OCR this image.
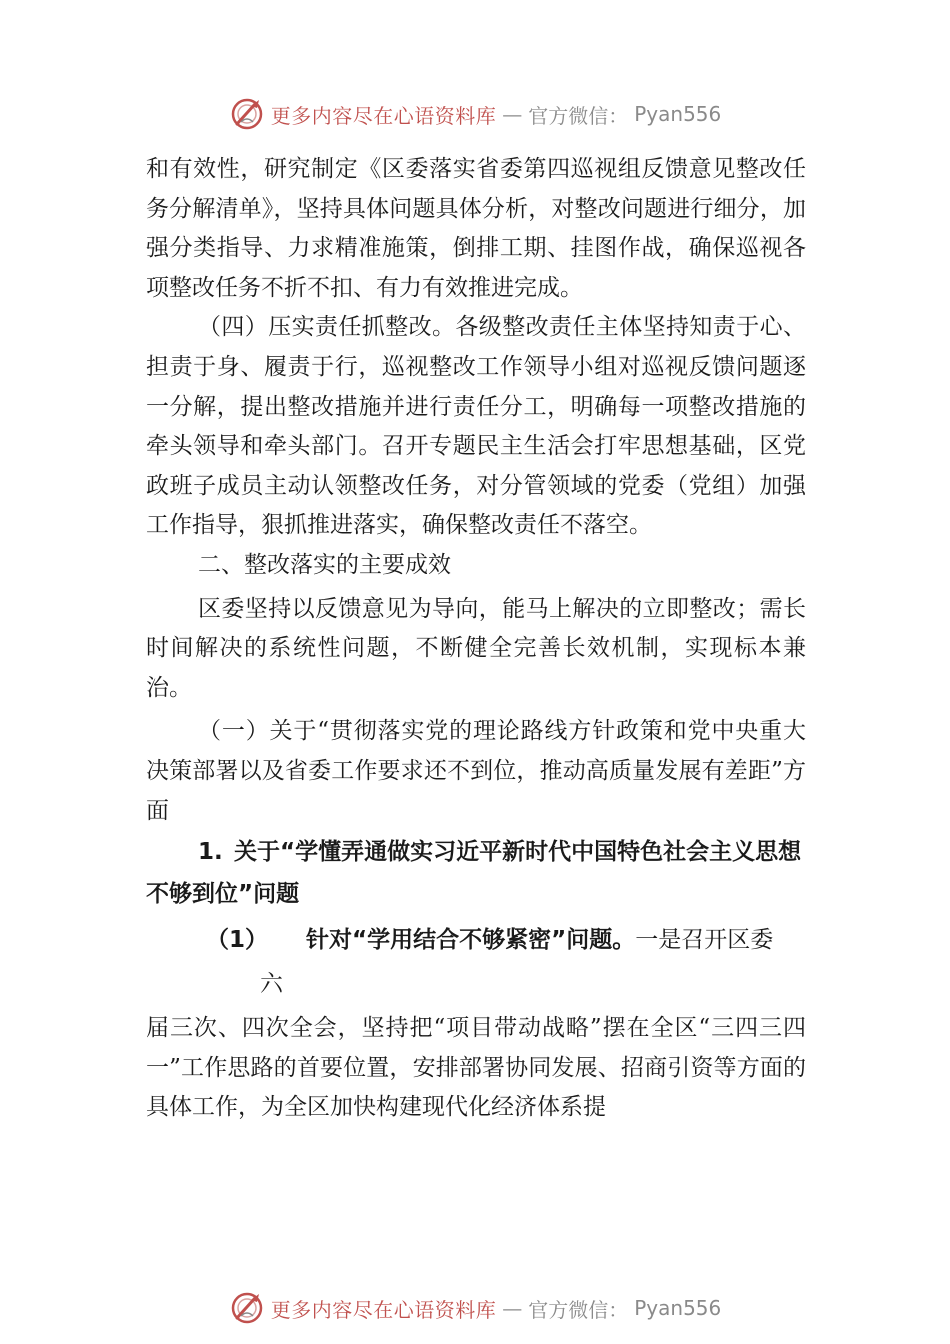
更多内容尽在心语资料库 — 官方微信： Pyan556

和有效性，研究制定《区委落实省委第四巡视组反馈意见整改任务分解清单》，坚持具体问题具体分析，对整改问题进行细分，加强分类指导、力求精准施策，倒排工期、挂图作战，确保巡视各项整改任务不折不扣、有力有效推进完成。

（四）压实责任抓整改。各级整改责任主体坚持知责于心、担责于身、履责于行，巡视整改工作领导小组对巡视反馈问题逐一分解，提出整改措施并进行责任分工，明确每一项整改措施的牵头领导和牵头部门。召开专题民主生活会打牢思想基础，区党政班子成员主动认领整改任务，对分管领域的党委（党组）加强工作指导，狠抓推进落实，确保整改责任不落空。

二、整改落实的主要成效

区委坚持以反馈意见为导向，能马上解决的立即整改；需长时间解决的系统性问题，不断健全完善长效机制，实现标本兼治。

（一）关于“贯彻落实党的理论路线方针政策和党中央重大决策部署以及省委工作要求还不到位，推动高质量发展有差距”方面

1. 关于“学懂弄通做实习近平新时代中国特色社会主义思想不够到位”问题

（1）	针对“学用结合不够紧密”问题。 一是召开区委
六

届三次、四次全会，坚持把“项目带动战略”摆在全区“三四三四一”工作思路的首要位置，安排部署协同发展、招商引资等方面的具体工作，为全区加快构建现代化经济体系提

更多内容尽在心语资料库 — 官方微信： Pyan556
